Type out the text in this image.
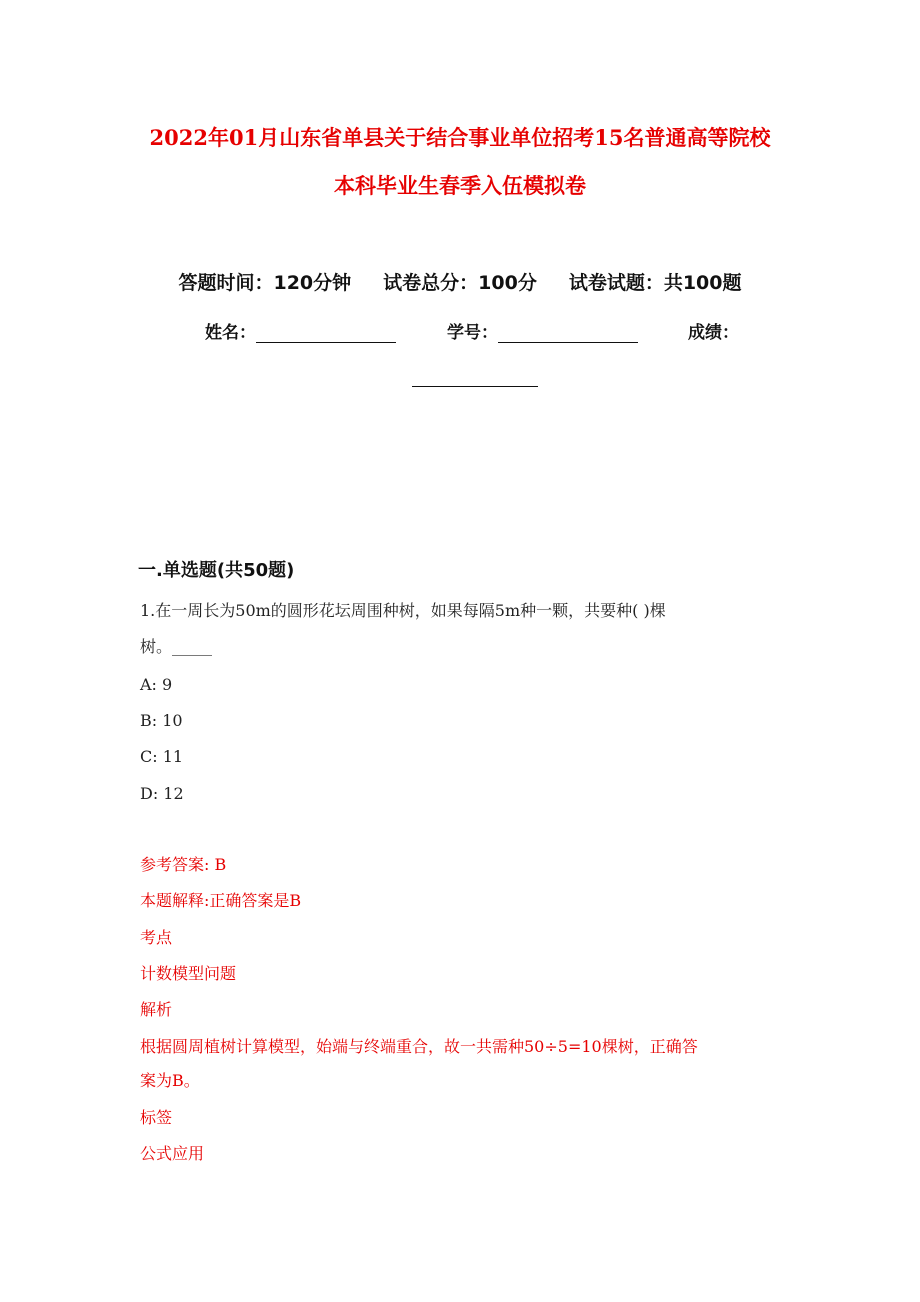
2022年01月山东省单县关于结合事业单位招考15名普通高等院校
本科毕业生春季入伍模拟卷
答题时间：120分钟 试卷总分：100分 试卷试题：共100题
姓名：	学号：	成绩：
一.单选题(共50题)
1.在一周长为50m的圆形花坛周围种树，如果每隔5m种一颗，共要种( )棵
树。_____
A: 9
B: 10
C: 11
D: 12
参考答案: B
本题解释:正确答案是B
考点
计数模型问题
解析
根据圆周植树计算模型，始端与终端重合，故一共需种50÷5=10棵树，正确答
案为B。
标签
公式应用
